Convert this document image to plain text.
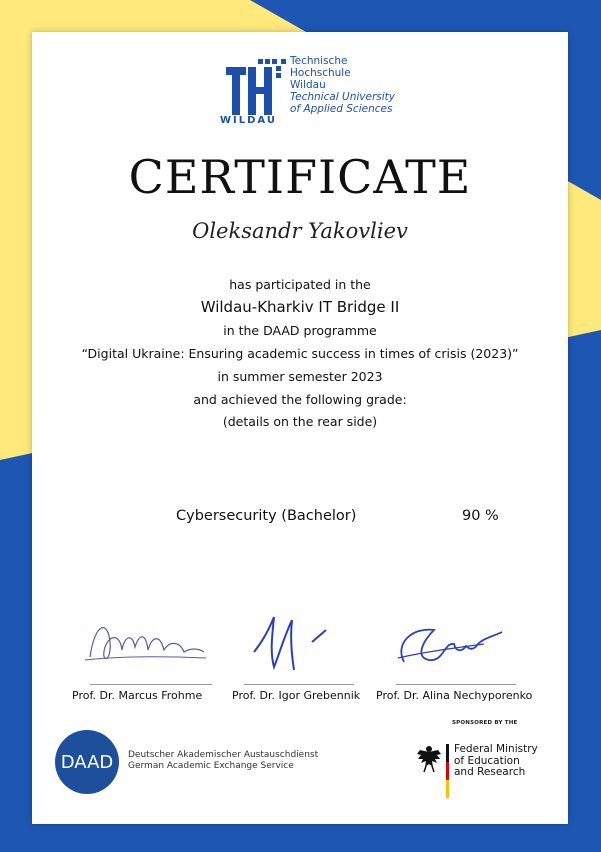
WILDAU
Technische
Hochschule
Wildau
Technical University
of Applied Sciences
CERTIFICATE
Oleksandr Yakovliev
has participated in the
Wildau-Kharkiv IT Bridge II
in the DAAD programme
“Digital Ukraine: Ensuring academic success in times of crisis (2023)”
in summer semester 2023
and achieved the following grade:
(details on the rear side)
Cybersecurity (Bachelor)	90 %
Prof. Dr. Marcus Frohme	Prof. Dr. Igor Grebennik Prof. Dr. Alina Nechyporenko
SPONSORED BY THE
DAAD Deutscher Akademischer Austauschdienst
German Academic Exchange Service
Federal Ministry
of Education
and Research
